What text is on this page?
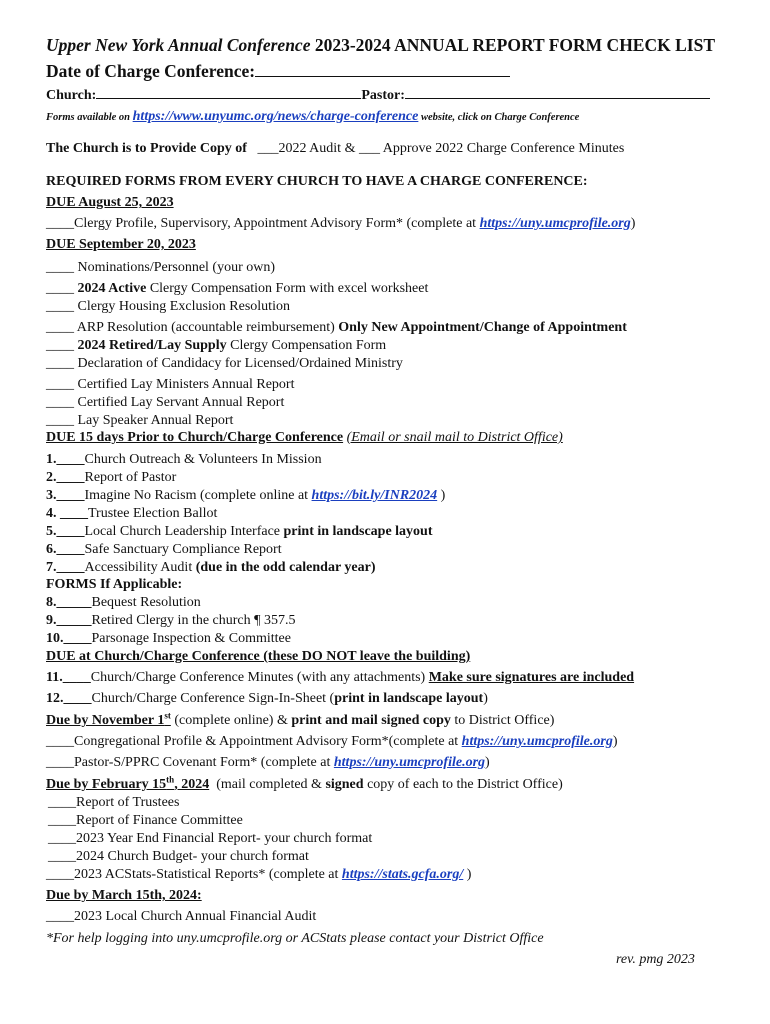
Upper New York Annual Conference 2023-2024 ANNUAL REPORT FORM CHECK LIST
Date of Charge Conference:
Church:	Pastor:
Forms available on https://www.unyumc.org/news/charge-conference website, click on Charge Conference
The Church is to Provide Copy of ___2022 Audit & ___ Approve 2022 Charge Conference Minutes
REQUIRED FORMS FROM EVERY CHURCH TO HAVE A CHARGE CONFERENCE:
DUE August 25, 2023
____Clergy Profile, Supervisory, Appointment Advisory Form* (complete at https://uny.umcprofile.org)
DUE September 20, 2023
____ Nominations/Personnel (your own)
____ 2024 Active Clergy Compensation Form with excel worksheet
____ Clergy Housing Exclusion Resolution
____ ARP Resolution (accountable reimbursement) Only New Appointment/Change of Appointment
____ 2024 Retired/Lay Supply Clergy Compensation Form
____ Declaration of Candidacy for Licensed/Ordained Ministry
____ Certified Lay Ministers Annual Report
____ Certified Lay Servant Annual Report
____ Lay Speaker Annual Report
DUE 15 days Prior to Church/Charge Conference (Email or snail mail to District Office)
1.____Church Outreach & Volunteers In Mission
2.____Report of Pastor
3.____Imagine No Racism (complete online at https://bit.ly/INR2024 )
4. ____Trustee Election Ballot
5.____Local Church Leadership Interface print in landscape layout
6.____Safe Sanctuary Compliance Report
7.____Accessibility Audit (due in the odd calendar year)
FORMS If Applicable:
8._____Bequest Resolution
9._____Retired Clergy in the church ¶ 357.5
10.____Parsonage Inspection & Committee
DUE at Church/Charge Conference (these DO NOT leave the building)
11.____Church/Charge Conference Minutes (with any attachments) Make sure signatures are included
12.____Church/Charge Conference Sign-In-Sheet (print in landscape layout)
Due by November 1st (complete online) & print and mail signed copy to District Office)
____Congregational Profile & Appointment Advisory Form*(complete at https://uny.umcprofile.org)
____Pastor-S/PPRC Covenant Form* (complete at https://uny.umcprofile.org)
Due by February 15th, 2024 (mail completed & signed copy of each to the District Office)
____Report of Trustees
____Report of Finance Committee
____2023 Year End Financial Report- your church format
____2024 Church Budget- your church format
____2023 ACStats-Statistical Reports* (complete at https://stats.gcfa.org/ )
Due by March 15th, 2024:
____2023 Local Church Annual Financial Audit
*For help logging into uny.umcprofile.org or ACStats please contact your District Office
rev. pmg 2023
